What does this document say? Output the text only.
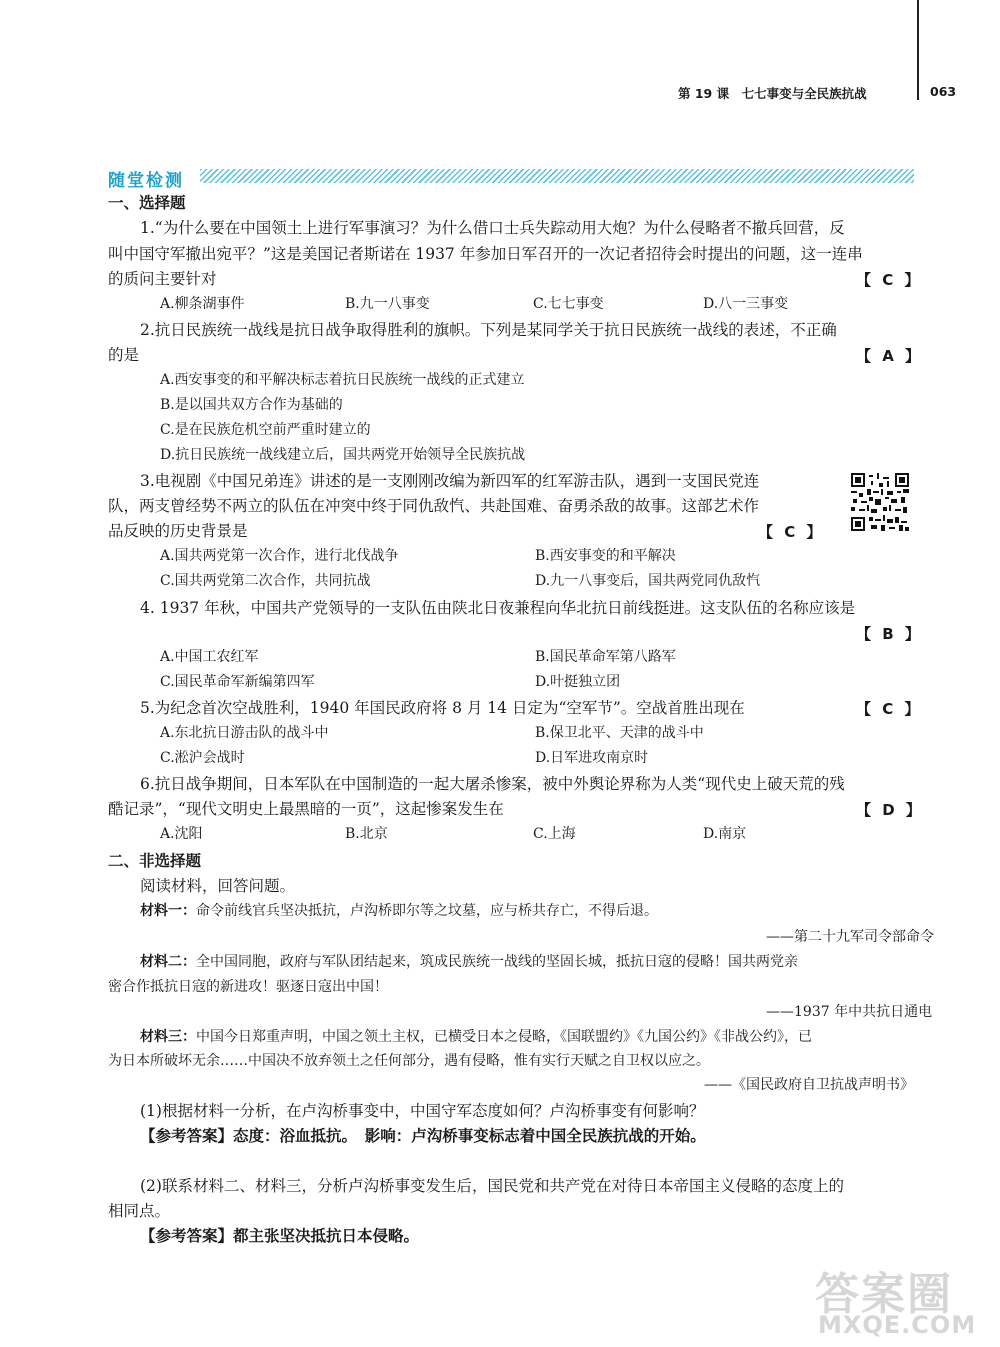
第 19 课　七七事变与全民族抗战	063
随堂检测
一、选择题
1.“为什么要在中国领土上进行军事演习？为什么借口士兵失踪动用大炮？为什么侵略者不撤兵回营，反
叫中国守军撤出宛平？”这是美国记者斯诺在 1937 年参加日军召开的一次记者招待会时提出的问题，这一连串
的质问主要针对	【 C 】
A.柳条湖事件	B.九一八事变	C.七七事变	D.八一三事变
2.抗日民族统一战线是抗日战争取得胜利的旗帜。下列是某同学关于抗日民族统一战线的表述，不正确
的是	【 A 】
A.西安事变的和平解决标志着抗日民族统一战线的正式建立
B.是以国共双方合作为基础的
C.是在民族危机空前严重时建立的
D.抗日民族统一战线建立后，国共两党开始领导全民族抗战
3.电视剧《中国兄弟连》讲述的是一支刚刚改编为新四军的红军游击队，遇到一支国民党连
队，两支曾经势不两立的队伍在冲突中终于同仇敌忾、共赴国难、奋勇杀敌的故事。这部艺术作
品反映的历史背景是	【 C 】
A.国共两党第一次合作，进行北伐战争	B.西安事变的和平解决
C.国共两党第二次合作，共同抗战	D.九一八事变后，国共两党同仇敌忾
4. 1937 年秋，中国共产党领导的一支队伍由陕北日夜兼程向华北抗日前线挺进。这支队伍的名称应该是
【 B 】
A.中国工农红军	B.国民革命军第八路军
C.国民革命军新编第四军	D.叶挺独立团
5.为纪念首次空战胜利，1940 年国民政府将 8 月 14 日定为“空军节”。空战首胜出现在	【 C 】
A.东北抗日游击队的战斗中	B.保卫北平、天津的战斗中
C.淞沪会战时	D.日军进攻南京时
6.抗日战争期间，日本军队在中国制造的一起大屠杀惨案，被中外舆论界称为人类“现代史上破天荒的残
酷记录”，“现代文明史上最黑暗的一页”，这起惨案发生在	【 D 】
A.沈阳	B.北京	C.上海	D.南京
二、非选择题
阅读材料，回答问题。
材料一：命令前线官兵坚决抵抗，卢沟桥即尔等之坟墓，应与桥共存亡，不得后退。
——第二十九军司令部命令
材料二：全中国同胞，政府与军队团结起来，筑成民族统一战线的坚固长城，抵抗日寇的侵略！国共两党亲
密合作抵抗日寇的新进攻！驱逐日寇出中国！
——1937 年中共抗日通电
材料三：中国今日郑重声明，中国之领土主权，已横受日本之侵略，《国联盟约》《九国公约》《非战公约》，已
为日本所破坏无余……中国决不放弃领土之任何部分，遇有侵略，惟有实行天赋之自卫权以应之。
——《国民政府自卫抗战声明书》
(1)根据材料一分析，在卢沟桥事变中，中国守军态度如何？卢沟桥事变有何影响？
【参考答案】态度：浴血抵抗。　影响：卢沟桥事变标志着中国全民族抗战的开始。
(2)联系材料二、材料三，分析卢沟桥事变发生后，国民党和共产党在对待日本帝国主义侵略的态度上的
相同点。
【参考答案】都主张坚决抵抗日本侵略。
答案圈
MXQE.COM
